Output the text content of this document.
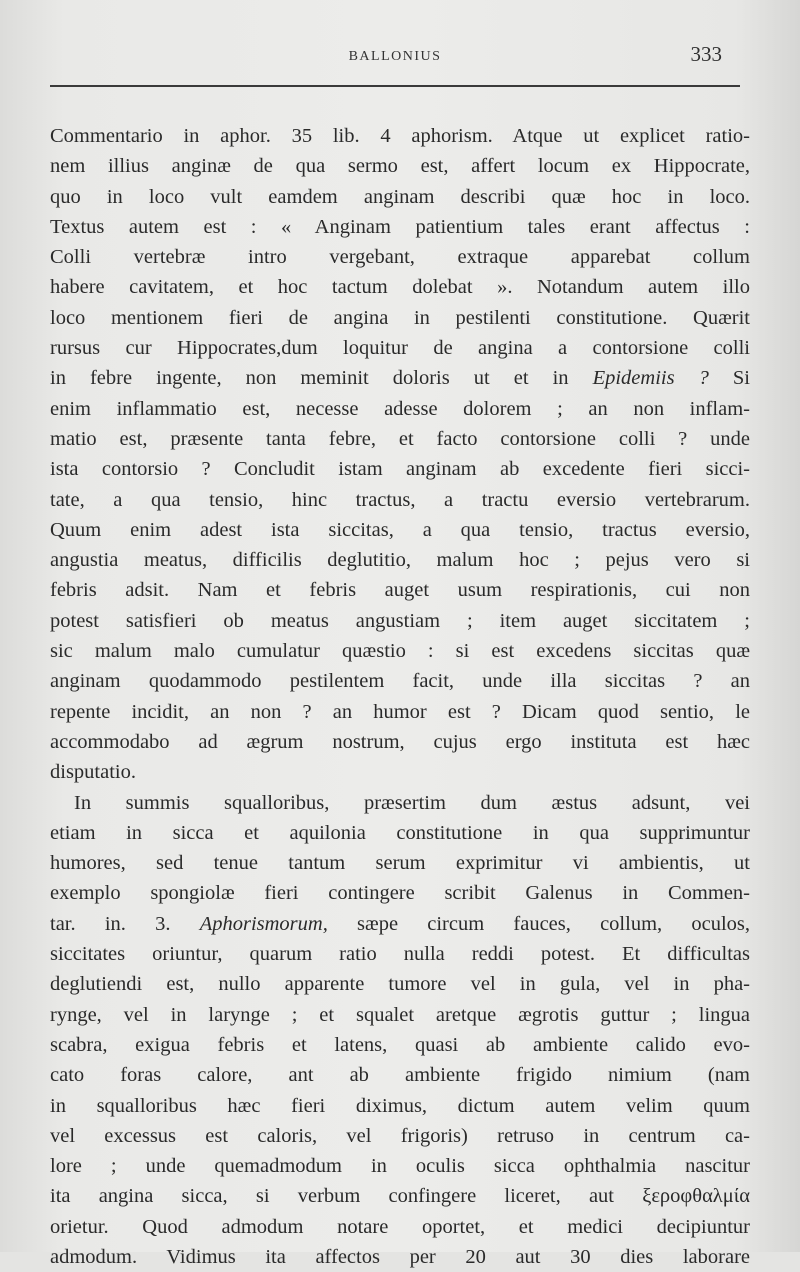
BALLONIUS	333
Commentario in aphor. 35 lib. 4 aphorism. Atque ut explicet ratio-
nem illius anginæ de qua sermo est, affert locum ex Hippocrate,
quo in loco vult eamdem anginam describi quæ hoc in loco.
Textus autem est : « Anginam patientium tales erant affectus :
Colli vertebræ intro vergebant, extraque apparebat collum
habere cavitatem, et hoc tactum dolebat ». Notandum autem illo
loco mentionem fieri de angina in pestilenti constitutione. Quærit
rursus cur Hippocrates,dum loquitur de angina a contorsione colli
in febre ingente, non meminit doloris ut et in Epidemiis ? Si
enim inflammatio est, necesse adesse dolorem ; an non inflam-
matio est, præsente tanta febre, et facto contorsione colli ? unde
ista contorsio ? Concludit istam anginam ab excedente fieri sicci-
tate, a qua tensio, hinc tractus, a tractu eversio vertebrarum.
Quum enim adest ista siccitas, a qua tensio, tractus eversio,
angustia meatus, difficilis deglutitio, malum hoc ; pejus vero si
febris adsit. Nam et febris auget usum respirationis, cui non
potest satisfieri ob meatus angustiam ; item auget siccitatem ;
sic malum malo cumulatur quæstio : si est excedens siccitas quæ
anginam quodammodo pestilentem facit, unde illa siccitas ? an
repente incidit, an non ? an humor est ? Dicam quod sentio, le
accommodabo ad ægrum nostrum, cujus ergo instituta est hæc
disputatio.
In summis squalloribus, præsertim dum æstus adsunt, vei
etiam in sicca et aquilonia constitutione in qua supprimuntur
humores, sed tenue tantum serum exprimitur vi ambientis, ut
exemplo spongiolæ fieri contingere scribit Galenus in Commen-
tar. in. 3. Aphorismorum, sæpe circum fauces, collum, oculos,
siccitates oriuntur, quarum ratio nulla reddi potest. Et difficultas
deglutiendi est, nullo apparente tumore vel in gula, vel in pha-
rynge, vel in larynge ; et squalet aretque ægrotis guttur ; lingua
scabra, exigua febris et latens, quasi ab ambiente calido evo-
cato foras calore, ant ab ambiente frigido nimium (nam
in squalloribus hæc fieri diximus, dictum autem velim quum
vel excessus est caloris, vel frigoris) retruso in centrum ca-
lore ; unde quemadmodum in oculis sicca ophthalmia nascitur
ita angina sicca, si verbum confingere liceret, aut ξεροφθαλμία
orietur. Quod admodum notare oportet, et medici decipiuntur
admodum. Vidimus ita affectos per 20 aut 30 dies laborare
